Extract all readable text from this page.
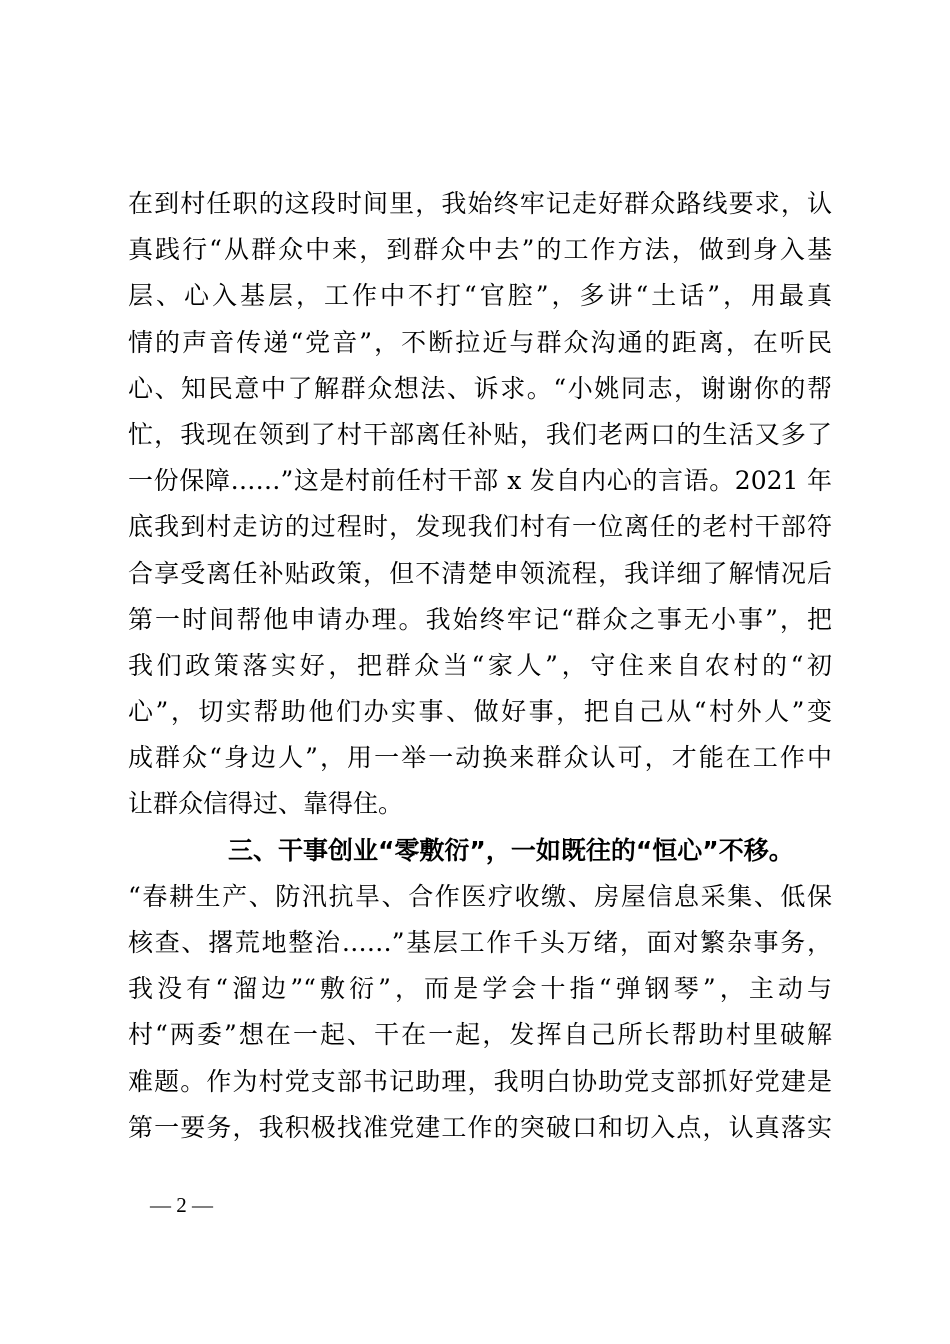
在到村任职的这段时间里，我始终牢记走好群众路线要求，认
真践行“从群众中来，到群众中去”的工作方法，做到身入基
层、心入基层，工作中不打“官腔”，多讲“土话”，用最真
情的声音传递“党音”，不断拉近与群众沟通的距离，在听民
心、知民意中了解群众想法、诉求。“小姚同志，谢谢你的帮
忙，我现在领到了村干部离任补贴，我们老两口的生活又多了
一份保障……”这是村前任村干部 x 发自内心的言语。2021 年
底我到村走访的过程时，发现我们村有一位离任的老村干部符
合享受离任补贴政策，但不清楚申领流程，我详细了解情况后
第一时间帮他申请办理。我始终牢记“群众之事无小事”，把
我们政策落实好，把群众当“家人”，守住来自农村的“初
心”，切实帮助他们办实事、做好事，把自己从“村外人”变
成群众“身边人”，用一举一动换来群众认可，才能在工作中
让群众信得过、靠得住。
三、干事创业“零敷衍”，一如既往的“恒心”不移。
“春耕生产、防汛抗旱、合作医疗收缴、房屋信息采集、低保
核查、撂荒地整治……”基层工作千头万绪，面对繁杂事务，
我没有“溜边”“敷衍”，而是学会十指“弹钢琴”，主动与
村“两委”想在一起、干在一起，发挥自己所长帮助村里破解
难题。作为村党支部书记助理，我明白协助党支部抓好党建是
第一要务，我积极找准党建工作的突破口和切入点，认真落实
— 2 —
